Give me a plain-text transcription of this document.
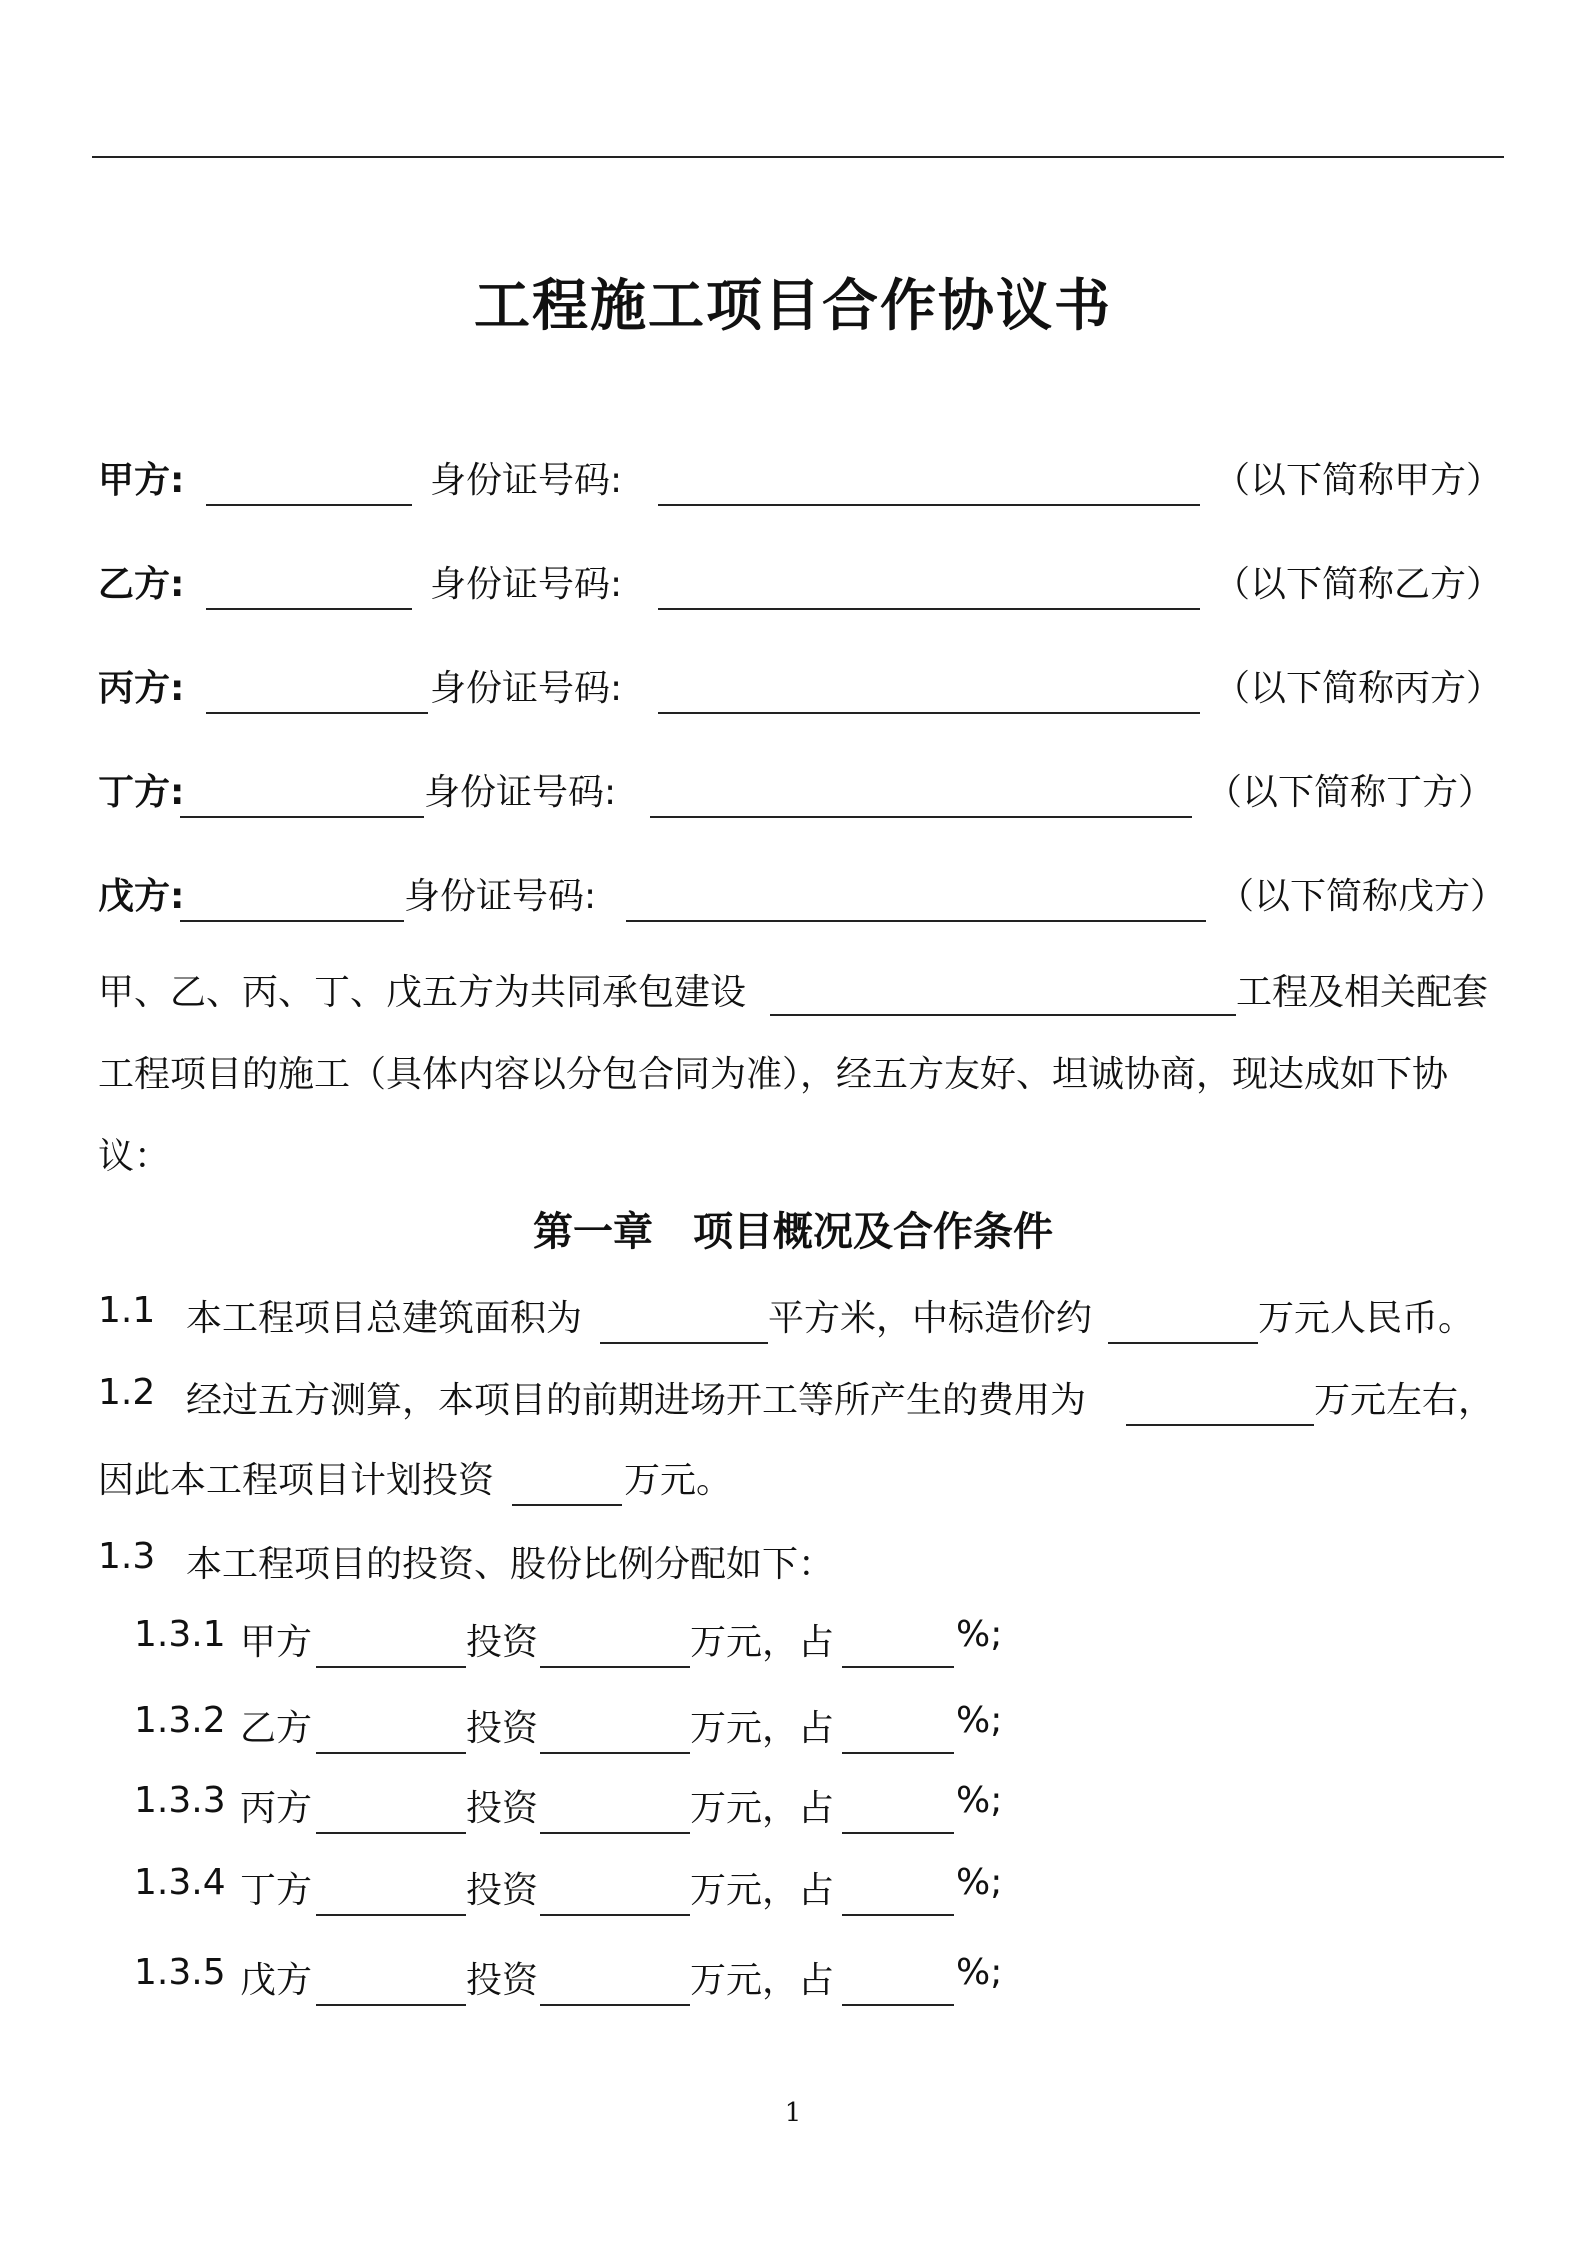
工程施工项目合作协议书
甲方:	身份证号码:	（以下简称甲方）
乙方:	身份证号码:	（以下简称乙方）
丙方:	身份证号码:	（以下简称丙方）
丁方:	身份证号码:	（以下简称丁方）
戊方:	身份证号码:	（以下简称戊方）
甲、乙、丙、丁、戊五方为共同承包建设	工程及相关配套
工程项目的施工（具体内容以分包合同为准），经五方友好、坦诚协商，现达成如下协
议：
第一章　项目概况及合作条件
1.1 本工程项目总建筑面积为	平方米，中标造价约	万元人民币。
1.2 经过五方测算，本项目的前期进场开工等所产生的费用为	万元左右，
因此本工程项目计划投资	万元。
1.3 本工程项目的投资、股份比例分配如下：
1.3.1 甲方	投资	万元，占	%;
1.3.2 乙方	投资	万元，占	%;
1.3.3 丙方	投资	万元，占	%;
1.3.4 丁方	投资	万元，占	%;
1.3.5 戊方	投资	万元，占	%;
1
